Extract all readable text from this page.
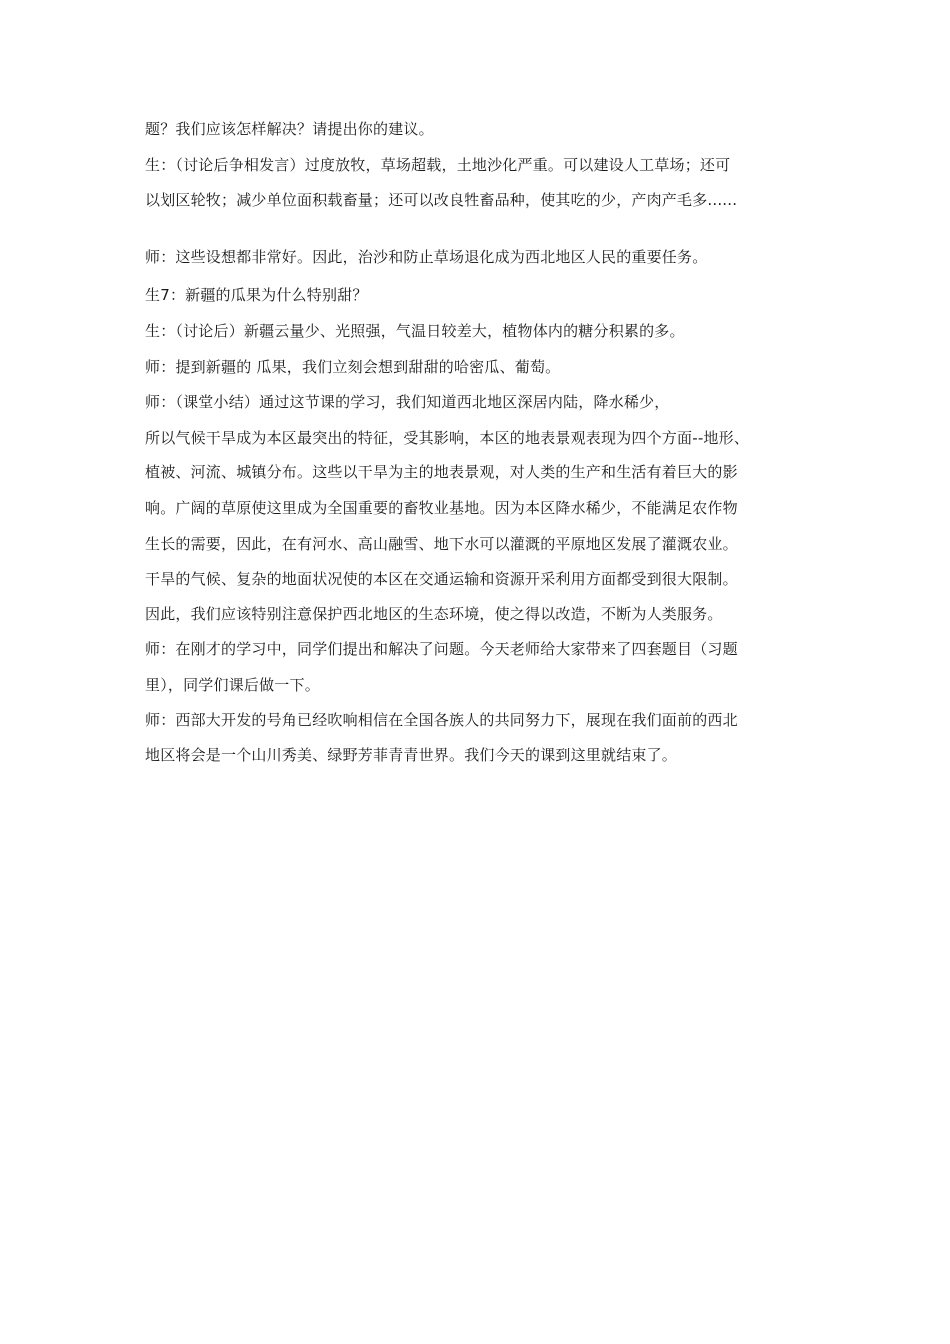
题？我们应该怎样解决？请提出你的建议。
生：（讨论后争相发言）过度放牧，草场超载，土地沙化严重。可以建设人工草场；还可
以划区轮牧；减少单位面积载畜量；还可以改良牲畜品种，使其吃的少，产肉产毛多......
师：这些设想都非常好。因此，治沙和防止草场退化成为西北地区人民的重要任务。
生7：新疆的瓜果为什么特别甜？
生：（讨论后）新疆云量少、光照强，气温日较差大，植物体内的糖分积累的多。
师：提到新疆的 瓜果，我们立刻会想到甜甜的哈密瓜、葡萄。
师：（课堂小结）通过这节课的学习，我们知道西北地区深居内陆，降水稀少，
所以气候干旱成为本区最突出的特征，受其影响，本区的地表景观表现为四个方面--地形、
植被、河流、城镇分布。这些以干旱为主的地表景观，对人类的生产和生活有着巨大的影
响。广阔的草原使这里成为全国重要的畜牧业基地。因为本区降水稀少，不能满足农作物
生长的需要，因此，在有河水、高山融雪、地下水可以灌溉的平原地区发展了灌溉农业。
干旱的气候、复杂的地面状况使的本区在交通运输和资源开采利用方面都受到很大限制。
因此，我们应该特别注意保护西北地区的生态环境，使之得以改造，不断为人类服务。
师：在刚才的学习中，同学们提出和解决了问题。今天老师给大家带来了四套题目（习题
里），同学们课后做一下。
师：西部大开发的号角已经吹响相信在全国各族人的共同努力下，展现在我们面前的西北
地区将会是一个山川秀美、绿野芳菲青青世界。我们今天的课到这里就结束了。
